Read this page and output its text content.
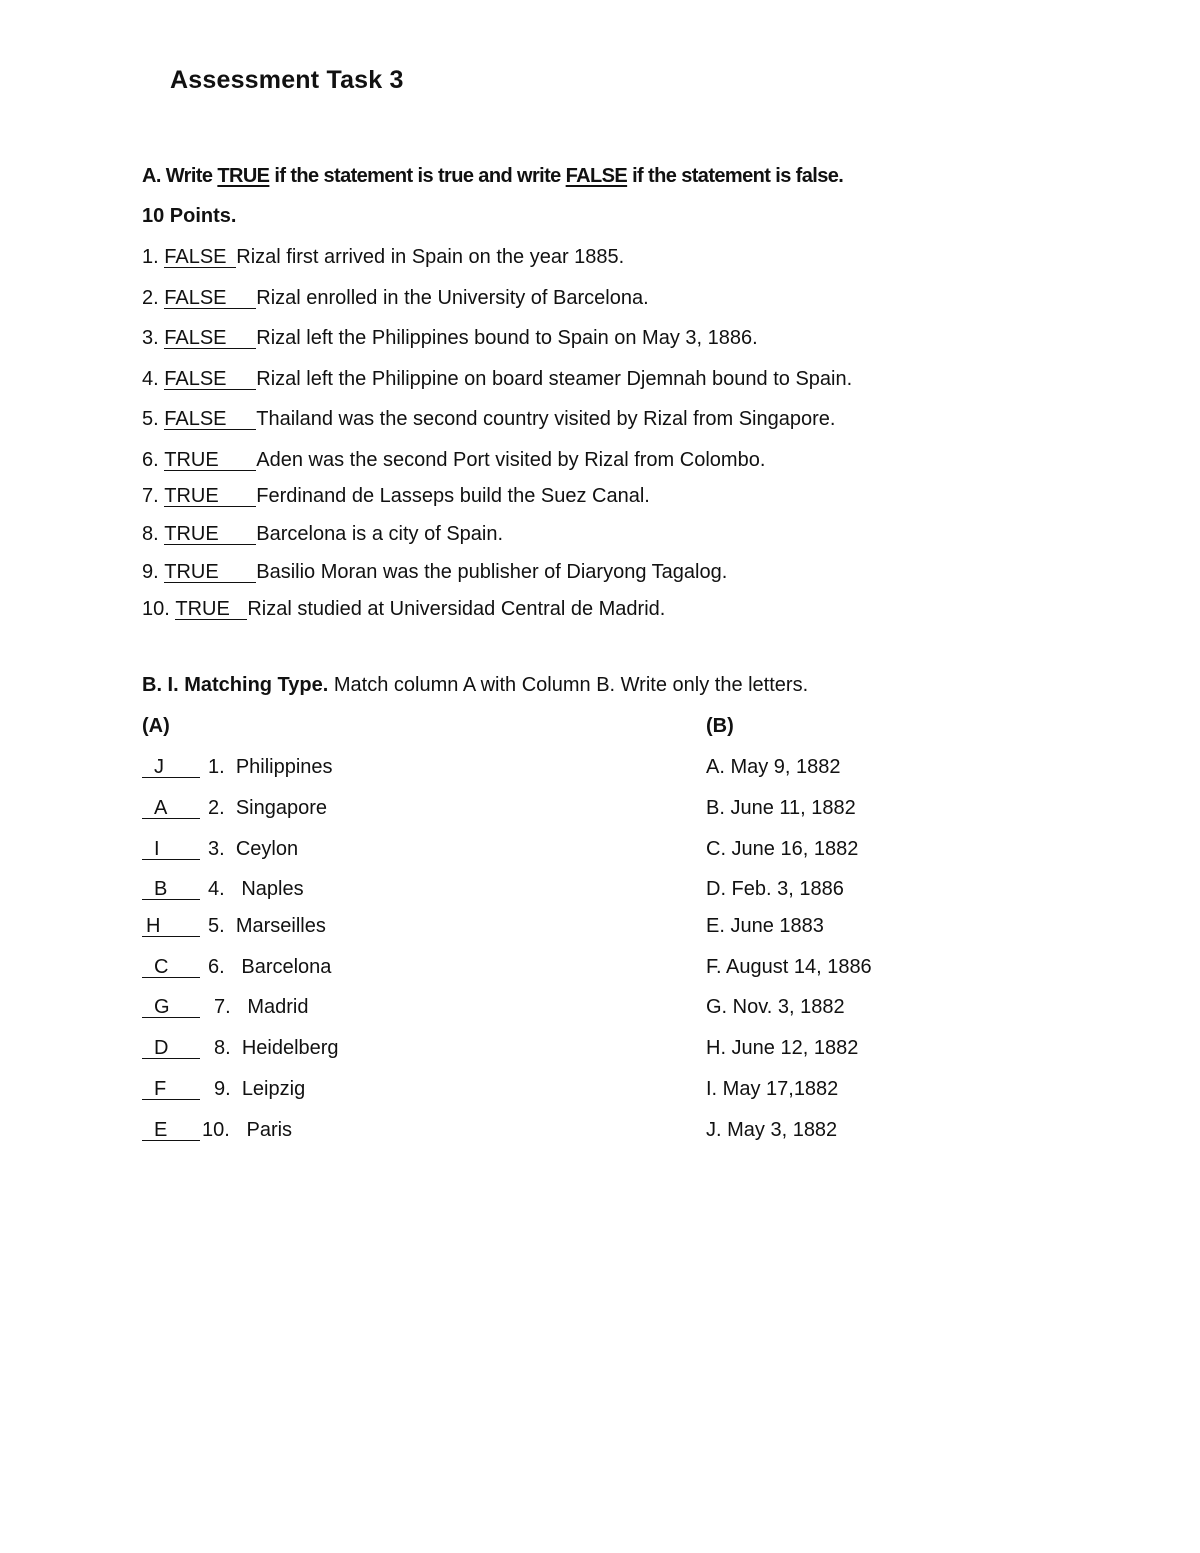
Assessment Task 3
A. Write TRUE if the statement is true and write FALSE if the statement is false.
10 Points.
1. FALSERizal first arrived in Spain on the year 1885.
2. FALSE Rizal enrolled in the University of Barcelona.
3. FALSE Rizal left the Philippines bound to Spain on May 3, 1886.
4. FALSE Rizal left the Philippine on board steamer Djemnah bound to Spain.
5. FALSE Thailand was the second country visited by Rizal from Singapore.
6. TRUE Aden was the second Port visited by Rizal from Colombo.
7. TRUE Ferdinand de Lasseps build the Suez Canal.
8. TRUE Barcelona is a city of Spain.
9. TRUE Basilio Moran was the publisher of Diaryong Tagalog.
10. TRUE Rizal studied at Universidad Central de Madrid.
B. I. Matching Type. Match column A with Column B. Write only the letters.
(A)	(B)
J 1. Philippines
A 2. Singapore
I 3. Ceylon
B 4. Naples
H 5. Marseilles
C 6. Barcelona
G 7. Madrid
D 8. Heidelberg
F 9. Leipzig
E 10. Paris
A. May 9, 1882
B. June 11, 1882
C. June 16, 1882
D. Feb. 3, 1886
E. June 1883
F. August 14, 1886
G. Nov. 3, 1882
H. June 12, 1882
I. May 17,1882
J. May 3, 1882
